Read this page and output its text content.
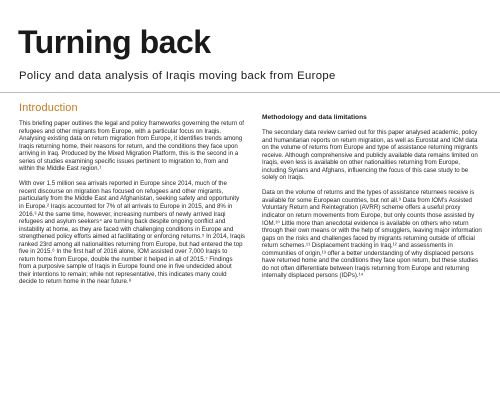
Turning back
Policy and data analysis of Iraqis moving back from Europe
Introduction

This briefing paper outlines the legal and policy frameworks governing the return of refugees and other migrants from Europe, with a particular focus on Iraqis. Analysing existing data on return migration from Europe, it identifies trends among Iraqis returning home, their reasons for return, and the conditions they face upon arriving in Iraq. Produced by the Mixed Migration Platform, this is the second in a series of studies examining specific issues pertinent to migration to, from and within the Middle East region.¹

With over 1.5 million sea arrivals reported in Europe since 2014, much of the recent discourse on migration has focused on refugees and other migrants, particularly from the Middle East and Afghanistan, seeking safety and opportunity in Europe.² Iraqis accounted for 7% of all arrivals to Europe in 2015, and 8% in 2016.³ At the same time, however, increasing numbers of newly arrived Iraqi refugees and asylum seekers⁴ are turning back despite ongoing conflict and instability at home, as they are faced with challenging conditions in Europe and strengthened policy efforts aimed at facilitating or enforcing returns.⁵ In 2014, Iraqis ranked 23rd among all nationalities returning from Europe, but had entered the top five in 2015.⁶ In the first half of 2016 alone, IOM assisted over 7,000 Iraqis to return home from Europe, double the number it helped in all of 2015.⁷ Findings from a purposive sample of Iraqis in Europe found one in five undecided about their intentions to remain; while not representative, this indicates many could decide to return home in the near future.⁸

Methodology and data limitations

The secondary data review carried out for this paper analysed academic, policy and humanitarian reports on return migration, as well as Eurostat and IOM data on the volume of returns from Europe and type of assistance returning migrants receive. Although comprehensive and publicly available data remains limited on Iraqis, even less is available on other nationalities returning from Europe, including Syrians and Afghans, influencing the focus of this case study to be solely on Iraqis.

Data on the volume of returns and the types of assistance returnees receive is available for some European countries, but not all.⁹ Data from IOM's Assisted Voluntary Return and Reintegration (AVRR) scheme offers a useful proxy indicator on return movements from Europe, but only counts those assisted by IOM.¹⁰ Little more than anecdotal evidence is available on others who return through their own means or with the help of smugglers, leaving major information gaps on the risks and challenges faced by migrants returning outside of official return schemes.¹¹ Displacement tracking in Iraq,¹² and assessments in communities of origin,¹³ offer a better understanding of why displaced persons have returned home and the conditions they face upon return, but these studies do not often differentiate between Iraqis returning from Europe and returning internally displaced persons (IDPs).¹⁴
